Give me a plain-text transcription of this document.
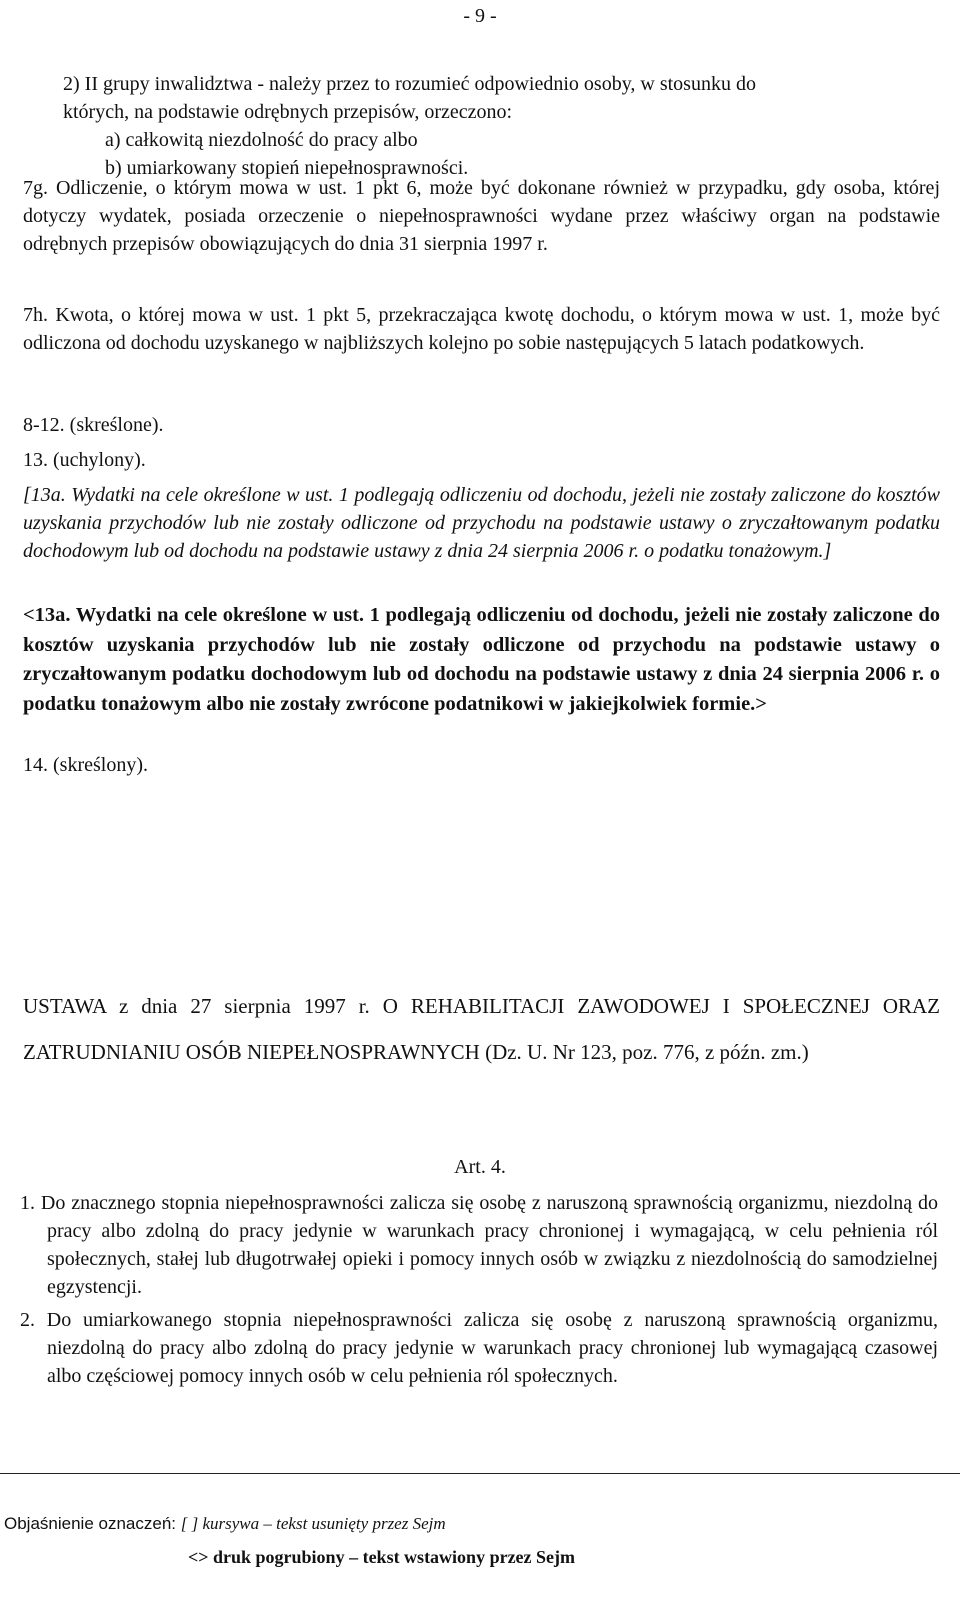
- 9 -

2) II grupy inwalidztwa - należy przez to rozumieć odpowiednio osoby, w stosunku do

których, na podstawie odrębnych przepisów, orzeczono:

a) całkowitą niezdolność do pracy albo

b) umiarkowany stopień niepełnosprawności.

7g. Odliczenie, o którym mowa w ust. 1 pkt 6, może być dokonane również w przypadku, gdy osoba, której dotyczy wydatek, posiada orzeczenie o niepełnosprawności wydane przez właściwy organ na podstawie odrębnych przepisów obowiązujących do dnia 31 sierpnia 1997 r.
7h. Kwota, o której mowa w ust. 1 pkt 5, przekraczająca kwotę dochodu, o którym mowa w ust. 1, może być odliczona od dochodu uzyskanego w najbliższych kolejno po sobie następujących 5 latach podatkowych.
8-12. (skreślone).
13. (uchylony).
[13a. Wydatki na cele określone w ust. 1 podlegają odliczeniu od dochodu, jeżeli nie zostały zaliczone do kosztów uzyskania przychodów lub nie zostały odliczone od przychodu na podstawie ustawy o zryczałtowanym podatku dochodowym lub od dochodu na podstawie ustawy z dnia 24 sierpnia 2006 r. o podatku tonażowym.]
<13a. Wydatki na cele określone w ust. 1 podlegają odliczeniu od dochodu, jeżeli nie zostały zaliczone do kosztów uzyskania przychodów lub nie zostały odliczone od przychodu na podstawie ustawy o zryczałtowanym podatku dochodowym lub od dochodu na podstawie ustawy z dnia 24 sierpnia 2006 r. o podatku tonażowym albo nie zostały zwrócone podatnikowi w jakiejkolwiek formie.>
14. (skreślony).
USTAWA z dnia 27 sierpnia 1997 r. O REHABILITACJI ZAWODOWEJ I SPOŁECZNEJ ORAZ ZATRUDNIANIU OSÓB NIEPEŁNOSPRAWNYCH (Dz. U. Nr 123, poz. 776, z późn. zm.)
Art. 4.
1. Do znacznego stopnia niepełnosprawności zalicza się osobę z naruszoną sprawnością organizmu, niezdolną do pracy albo zdolną do pracy jedynie w warunkach pracy chronionej i wymagającą, w celu pełnienia ról społecznych, stałej lub długotrwałej opieki i pomocy innych osób w związku z niezdolnością do samodzielnej egzystencji.
2. Do umiarkowanego stopnia niepełnosprawności zalicza się osobę z naruszoną sprawnością organizmu, niezdolną do pracy albo zdolną do pracy jedynie w warunkach pracy chronionej lub wymagającą czasowej albo częściowej pomocy innych osób w celu pełnienia ról społecznych.
Objaśnienie oznaczeń: [ ] kursywa – tekst usunięty przez Sejm
<> druk pogrubiony – tekst wstawiony przez Sejm
